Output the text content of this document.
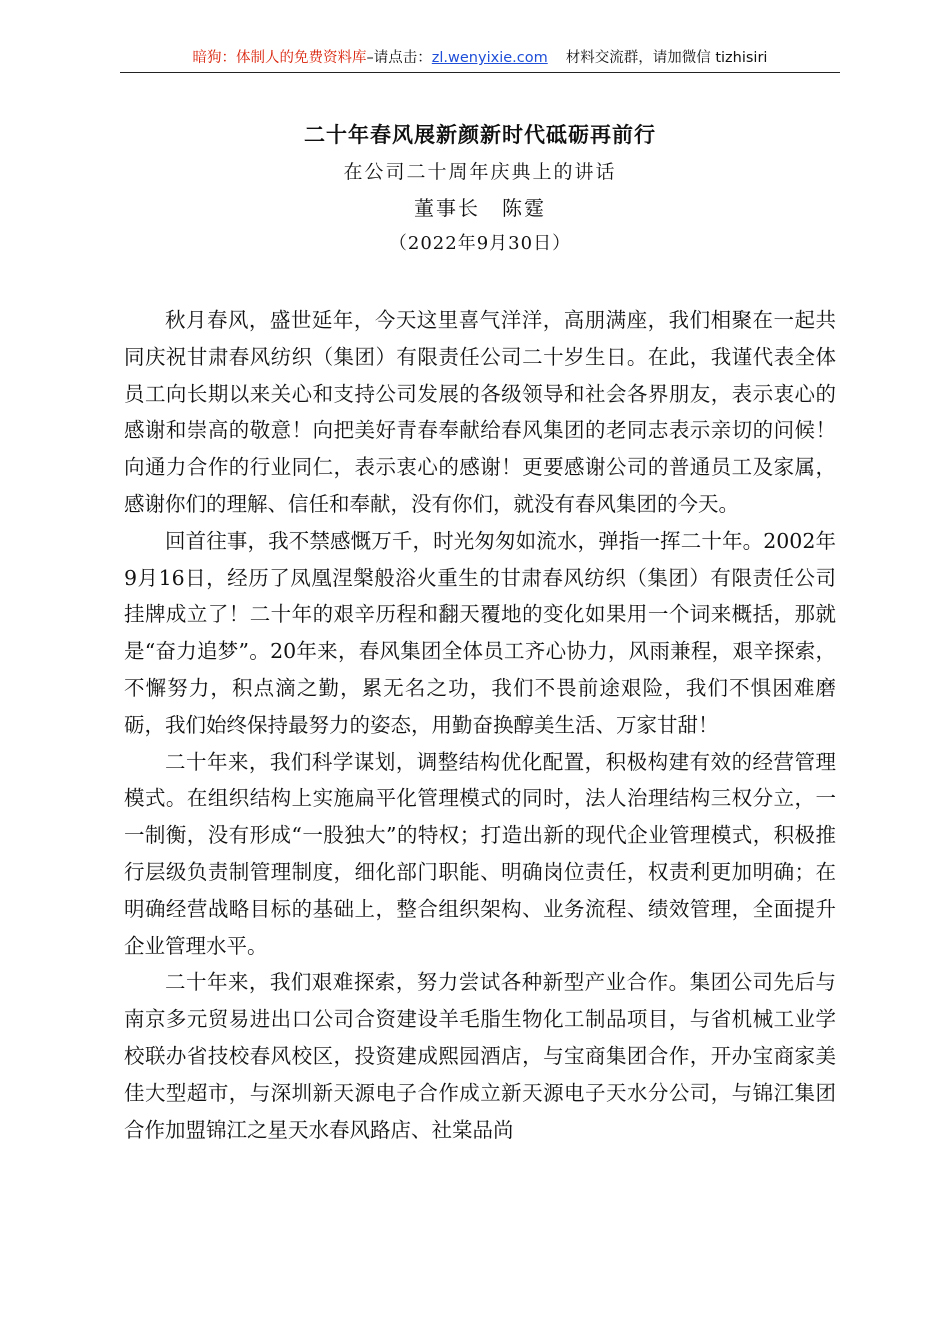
暗狗：体制人的免费资料库–请点击：zl.wenyixie.com 材料交流群，请加微信 tizhisiri
二十年春风展新颜新时代砥砺再前行
在公司二十周年庆典上的讲话
董事长 陈霆
（2022年9月30日）

秋月春风，盛世延年，今天这里喜气洋洋，高朋满座，我们相聚在一起共同庆祝甘肃春风纺织（集团）有限责任公司二十岁生日。在此，我谨代表全体员工向长期以来关心和支持公司发展的各级领导和社会各界朋友，表示衷心的感谢和崇高的敬意！向把美好青春奉献给春风集团的老同志表示亲切的问候！向通力合作的行业同仁，表示衷心的感谢！更要感谢公司的普通员工及家属，感谢你们的理解、信任和奉献，没有你们，就没有春风集团的今天。

回首往事，我不禁感慨万千，时光匆匆如流水，弹指一挥二十年。2002年9月16日，经历了凤凰涅槃般浴火重生的甘肃春风纺织（集团）有限责任公司挂牌成立了！二十年的艰辛历程和翻天覆地的变化如果用一个词来概括，那就是“奋力追梦”。20年来，春风集团全体员工齐心协力，风雨兼程，艰辛探索，不懈努力，积点滴之勤，累无名之功，我们不畏前途艰险，我们不惧困难磨砺，我们始终保持最努力的姿态，用勤奋换醇美生活、万家甘甜！

二十年来，我们科学谋划，调整结构优化配置，积极构建有效的经营管理模式。在组织结构上实施扁平化管理模式的同时，法人治理结构三权分立，一一制衡，没有形成“一股独大”的特权；打造出新的现代企业管理模式，积极推行层级负责制管理制度，细化部门职能、明确岗位责任，权责利更加明确；在明确经营战略目标的基础上，整合组织架构、业务流程、绩效管理，全面提升企业管理水平。

二十年来，我们艰难探索，努力尝试各种新型产业合作。集团公司先后与南京多元贸易进出口公司合资建设羊毛脂生物化工制品项目，与省机械工业学校联办省技校春风校区，投资建成熙园酒店，与宝商集团合作，开办宝商家美佳大型超市，与深圳新天源电子合作成立新天源电子天水分公司，与锦江集团合作加盟锦江之星天水春风路店、社棠品尚
